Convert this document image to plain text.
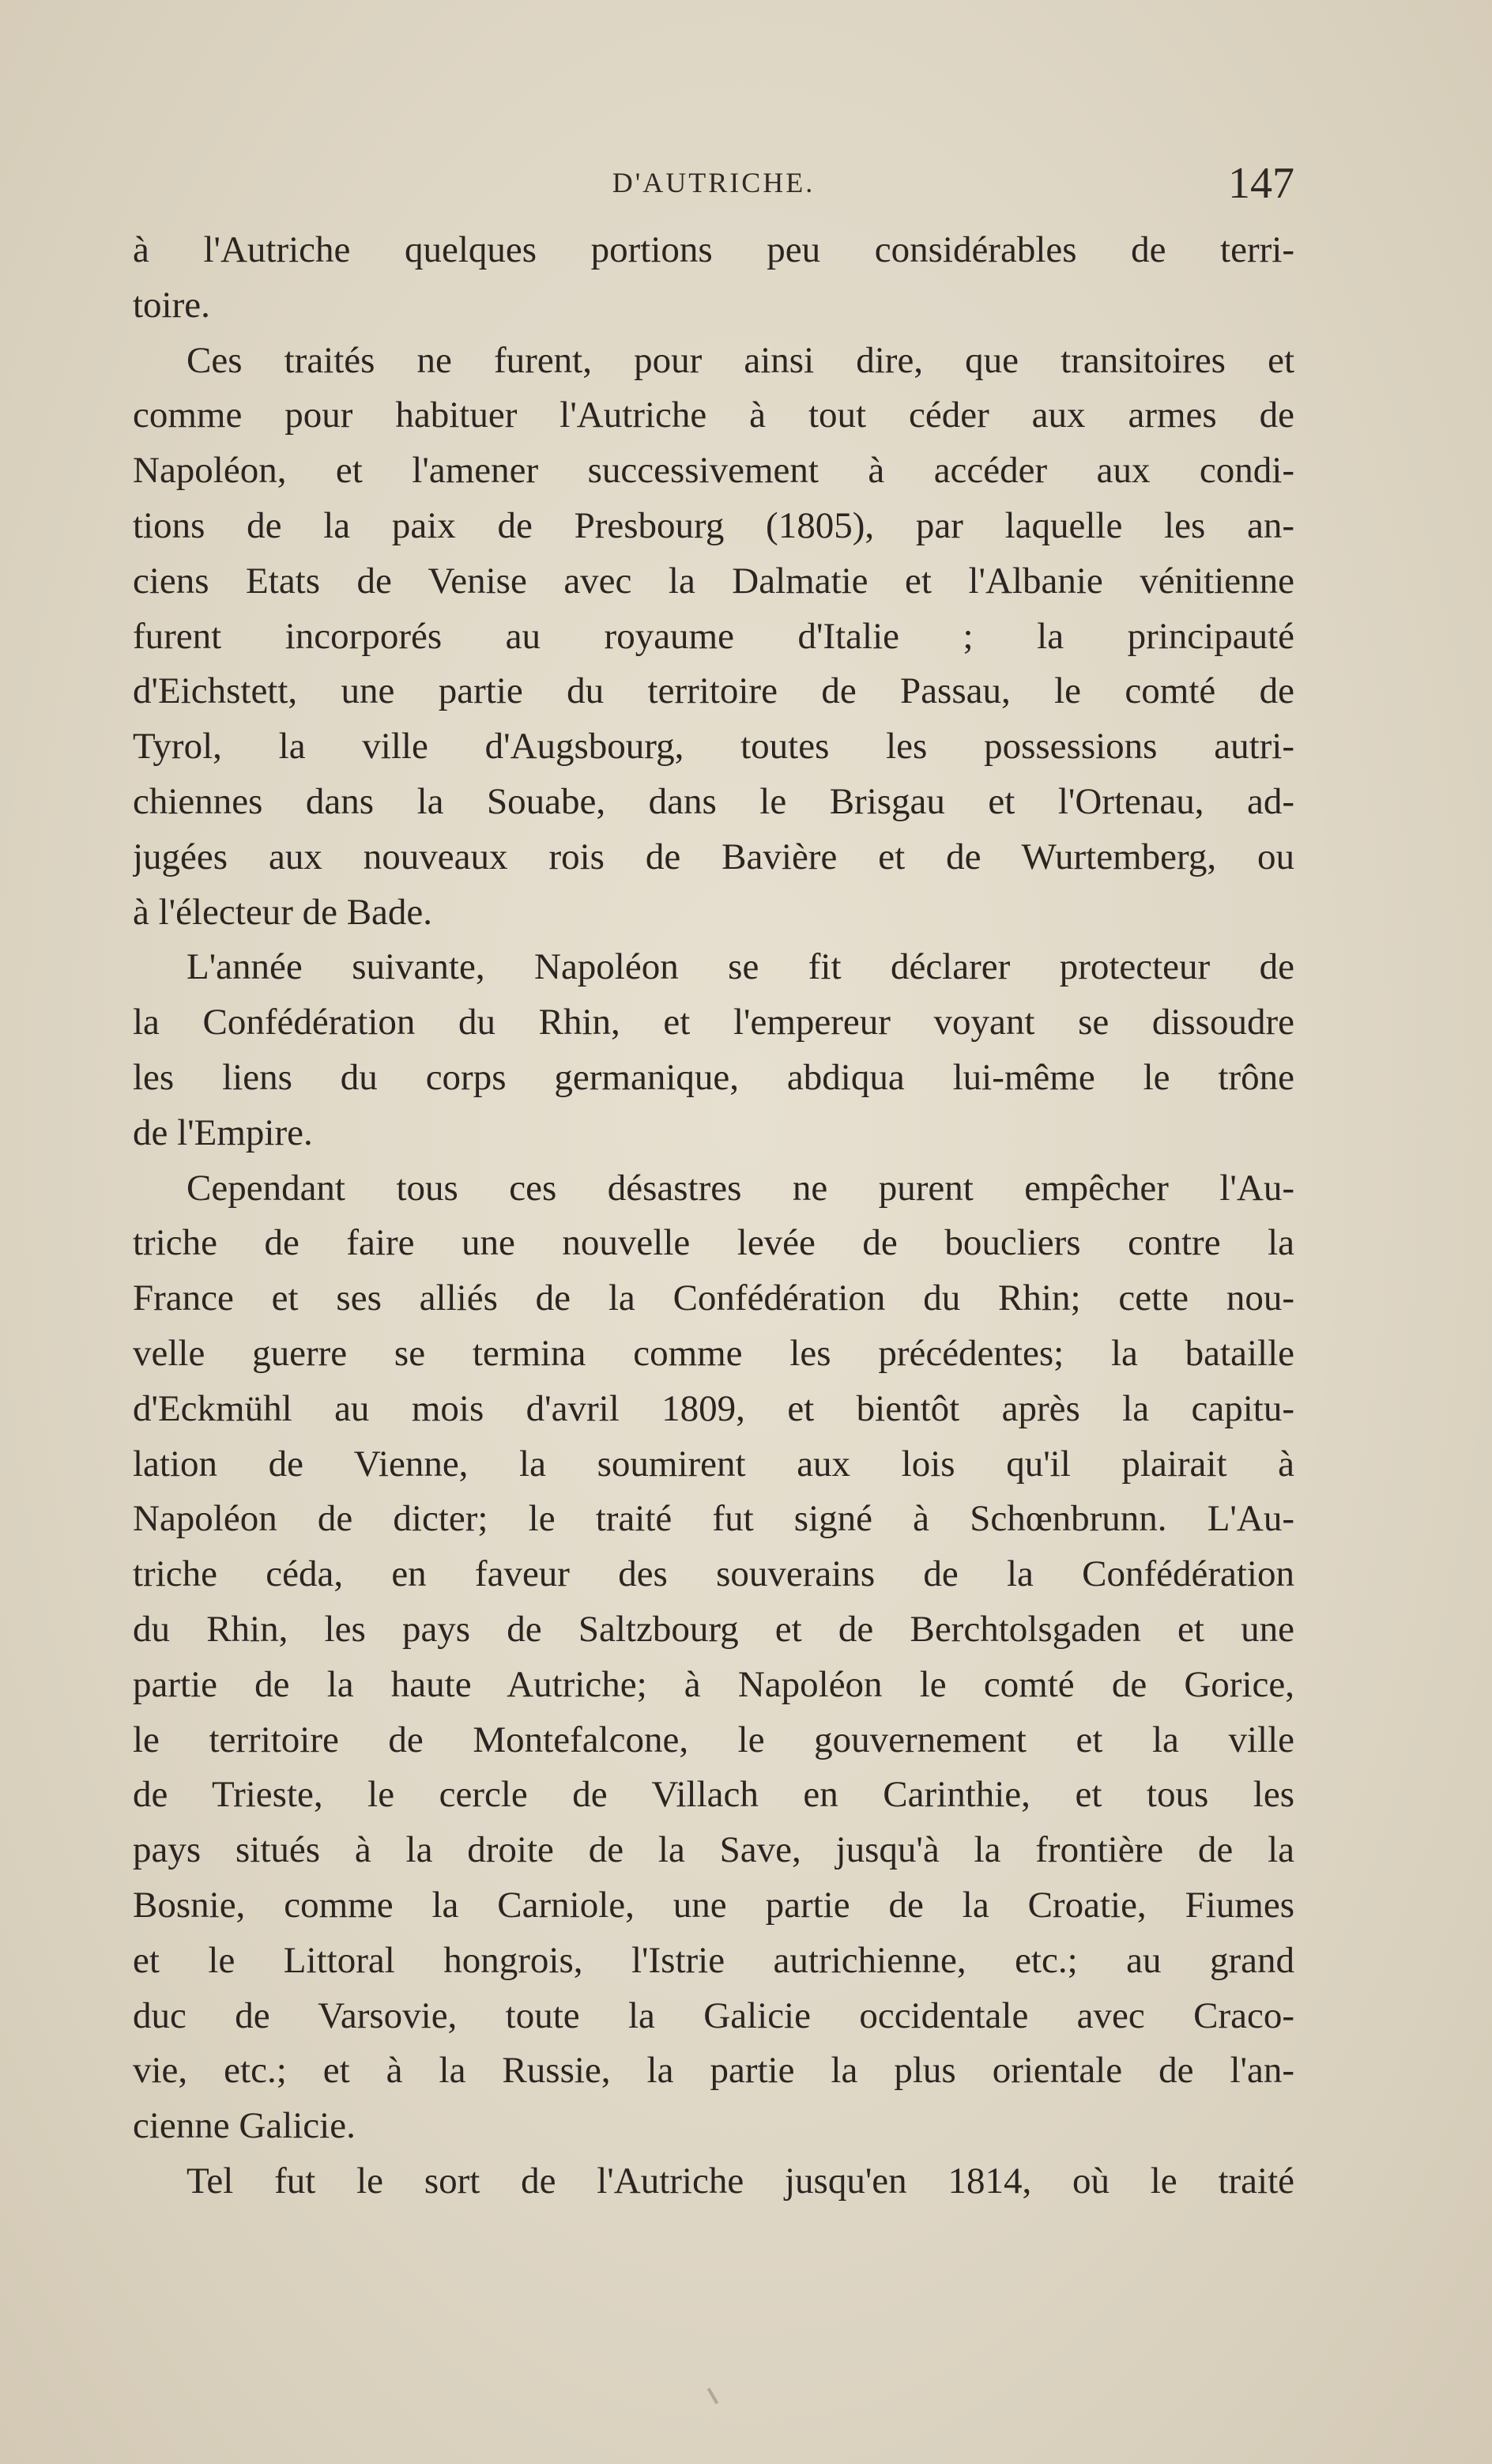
D'AUTRICHE.	147
à l'Autriche quelques portions peu considérables de terri-
toire.
Ces traités ne furent, pour ainsi dire, que transitoires et
comme pour habituer l'Autriche à tout céder aux armes de
Napoléon, et l'amener successivement à accéder aux condi-
tions de la paix de Presbourg (1805), par laquelle les an-
ciens Etats de Venise avec la Dalmatie et l'Albanie vénitienne
furent incorporés au royaume d'Italie ; la principauté
d'Eichstett, une partie du territoire de Passau, le comté de
Tyrol, la ville d'Augsbourg, toutes les possessions autri-
chiennes dans la Souabe, dans le Brisgau et l'Ortenau, ad-
jugées aux nouveaux rois de Bavière et de Wurtemberg, ou
à l'électeur de Bade.
L'année suivante, Napoléon se fit déclarer protecteur de
la Confédération du Rhin, et l'empereur voyant se dissoudre
les liens du corps germanique, abdiqua lui-même le trône
de l'Empire.
Cependant tous ces désastres ne purent empêcher l'Au-
triche de faire une nouvelle levée de boucliers contre la
France et ses alliés de la Confédération du Rhin; cette nou-
velle guerre se termina comme les précédentes; la bataille
d'Eckmühl au mois d'avril 1809, et bientôt après la capitu-
lation de Vienne, la soumirent aux lois qu'il plairait à
Napoléon de dicter; le traité fut signé à Schœnbrunn. L'Au-
triche céda, en faveur des souverains de la Confédération
du Rhin, les pays de Saltzbourg et de Berchtolsgaden et une
partie de la haute Autriche; à Napoléon le comté de Gorice,
le territoire de Montefalcone, le gouvernement et la ville
de Trieste, le cercle de Villach en Carinthie, et tous les
pays situés à la droite de la Save, jusqu'à la frontière de la
Bosnie, comme la Carniole, une partie de la Croatie, Fiumes
et le Littoral hongrois, l'Istrie autrichienne, etc.; au grand
duc de Varsovie, toute la Galicie occidentale avec Craco-
vie, etc.; et à la Russie, la partie la plus orientale de l'an-
cienne Galicie.
Tel fut le sort de l'Autriche jusqu'en 1814, où le traité
